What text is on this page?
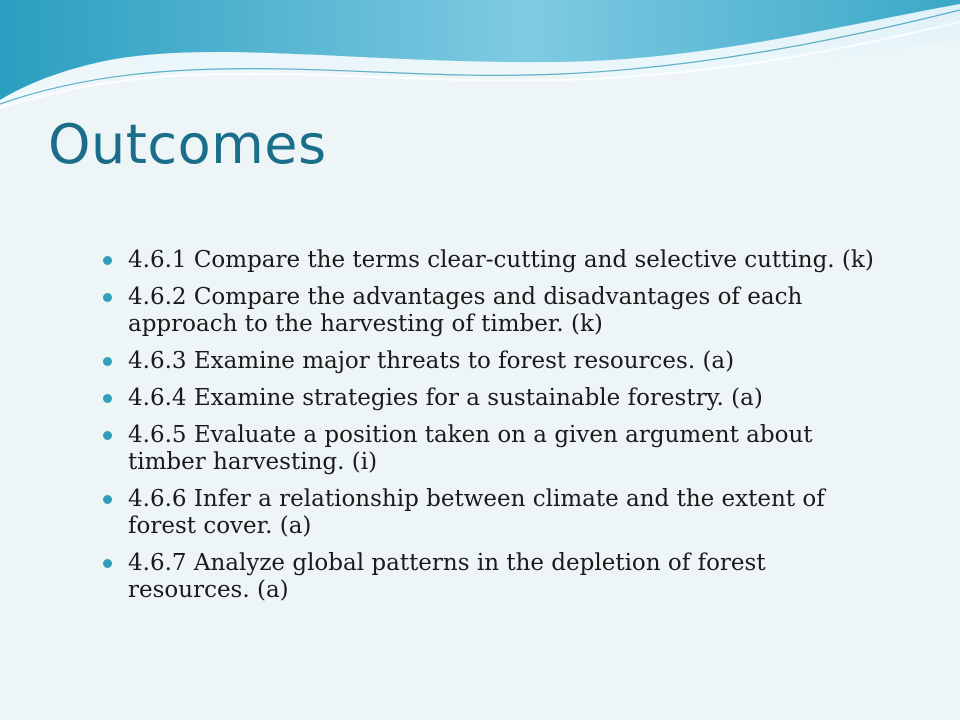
Outcomes
4.6.1 Compare the terms clear-cutting and selective cutting. (k)
4.6.2 Compare the advantages and disadvantages of each approach to the harvesting of timber. (k)
4.6.3 Examine major threats to forest resources. (a)
4.6.4 Examine strategies for a sustainable forestry. (a)
4.6.5 Evaluate a position taken on a given argument about timber harvesting. (i)
4.6.6 Infer a relationship between climate and the extent of forest cover. (a)
4.6.7 Analyze global patterns in the depletion of forest resources. (a)
